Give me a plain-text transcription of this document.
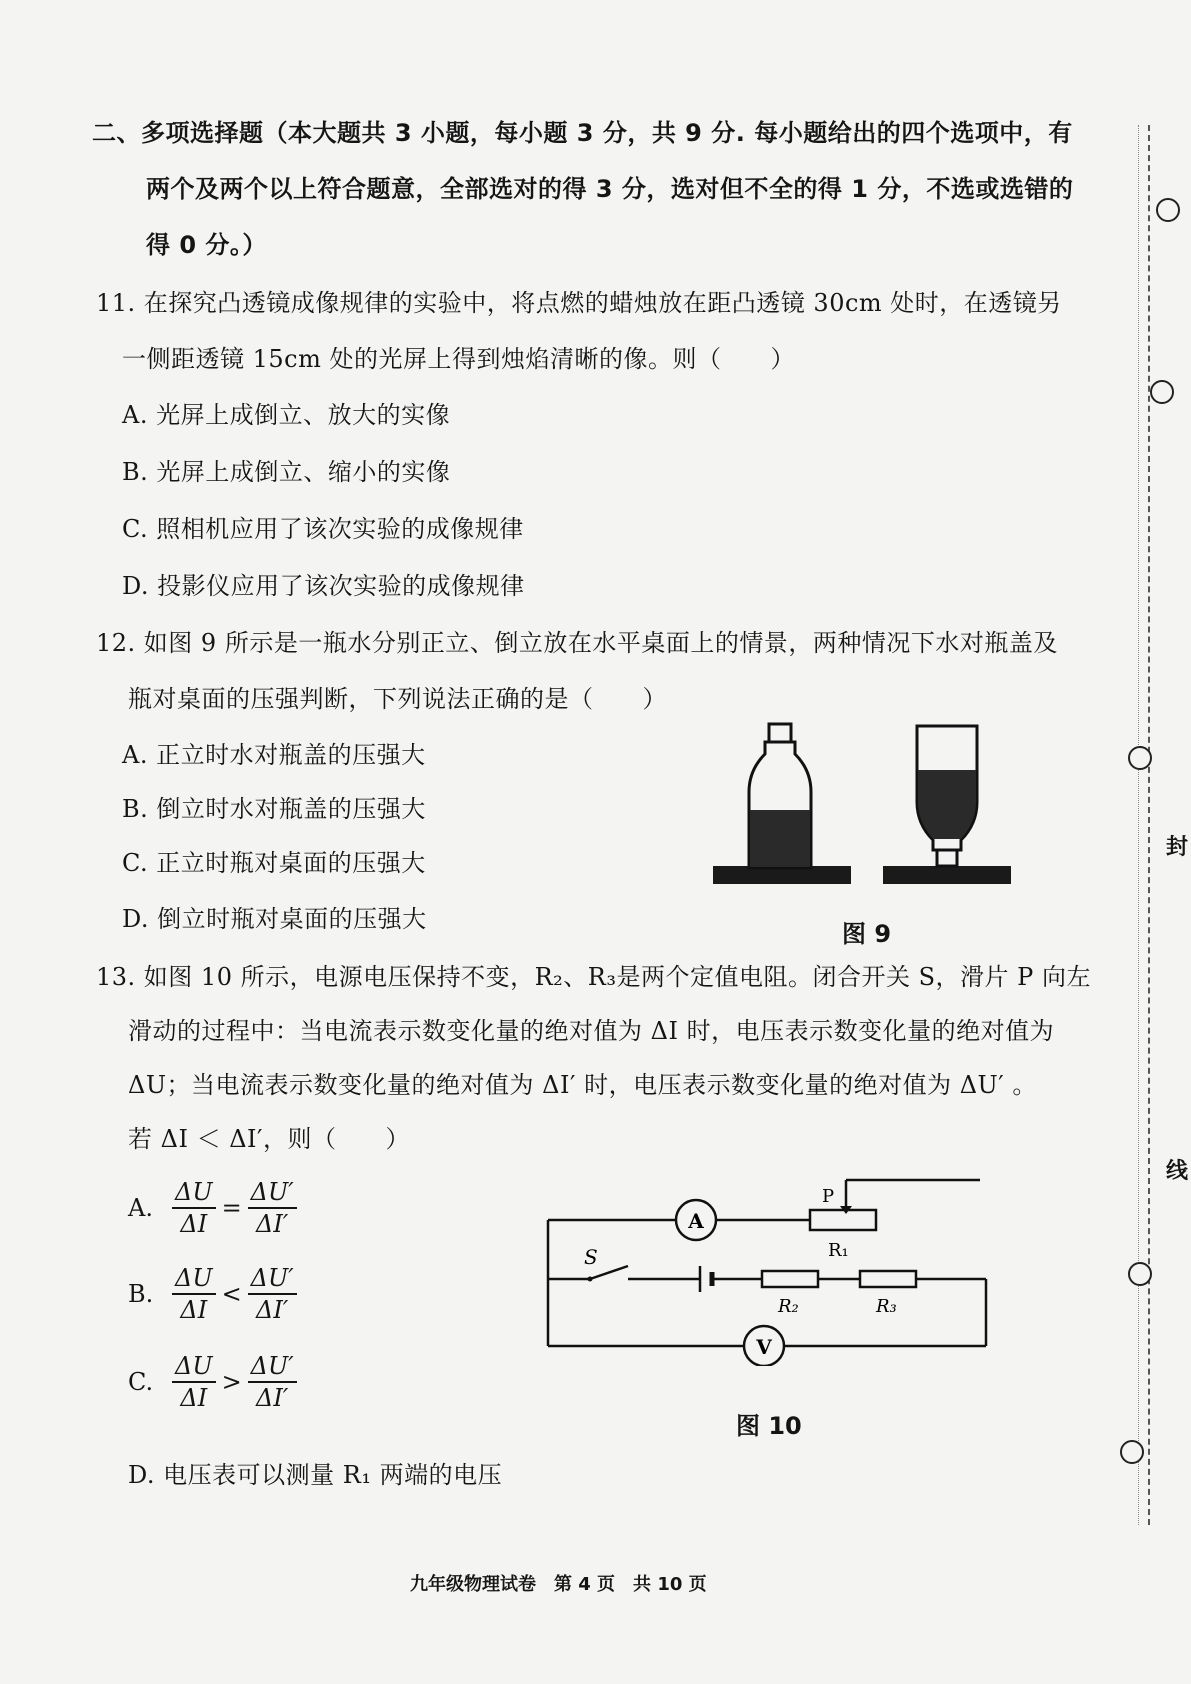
二、多项选择题（本大题共 3 小题，每小题 3 分，共 9 分. 每小题给出的四个选项中，有
两个及两个以上符合题意，全部选对的得 3 分，选对但不全的得 1 分，不选或选错的
得 0 分。）
11. 在探究凸透镜成像规律的实验中，将点燃的蜡烛放在距凸透镜 30cm 处时，在透镜另
一侧距透镜 15cm 处的光屏上得到烛焰清晰的像。则（　　）
A. 光屏上成倒立、放大的实像
B. 光屏上成倒立、缩小的实像
C. 照相机应用了该次实验的成像规律
D. 投影仪应用了该次实验的成像规律
12. 如图 9 所示是一瓶水分别正立、倒立放在水平桌面上的情景，两种情况下水对瓶盖及
瓶对桌面的压强判断，下列说法正确的是（　　）
A. 正立时水对瓶盖的压强大
B. 倒立时水对瓶盖的压强大
C. 正立时瓶对桌面的压强大
D. 倒立时瓶对桌面的压强大
图 9
13. 如图 10 所示，电源电压保持不变，R₂、R₃是两个定值电阻。闭合开关 S，滑片 P 向左
滑动的过程中：当电流表示数变化量的绝对值为 ΔI 时，电压表示数变化量的绝对值为
ΔU；当电流表示数变化量的绝对值为 ΔI′ 时，电压表示数变化量的绝对值为 ΔU′ 。
若 ΔI ＜ ΔI′，则（　　）
A. $\frac{\Delta U}{\Delta I} = \frac{\Delta U'}{\Delta I'}$
B. $\frac{\Delta U}{\Delta I} < \frac{\Delta U'}{\Delta I'}$
C. $\frac{\Delta U}{\Delta I} > \frac{\Delta U'}{\Delta I'}$
D. 电压表可以测量 R₁ 两端的电压
A
V
P
R₁
R₂	R₃
S
图 10
九年级物理试卷　第 4 页　共 10 页
封
线
